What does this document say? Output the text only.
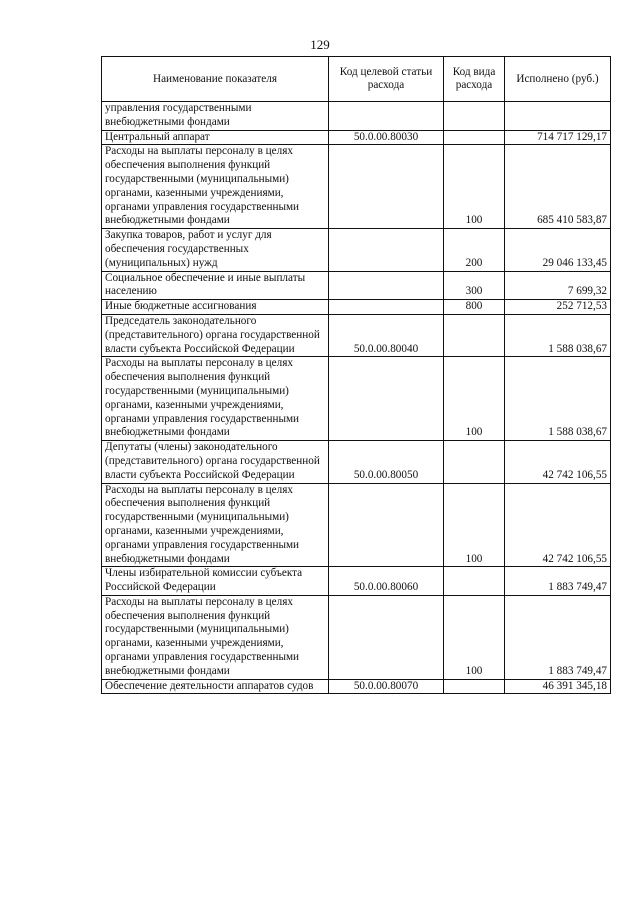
129
Наименование показателя	Код целевой статьи расхода	Код вида расхода	Исполнено (руб.)
управления государственными внебюджетными фондами			
Центральный аппарат	50.0.00.80030		714 717 129,17
Расходы на выплаты персоналу в целях обеспечения выполнения функций государственными (муниципальными) органами, казенными учреждениями, органами управления государственными внебюджетными фондами		100	685 410 583,87
Закупка товаров, работ и услуг для обеспечения государственных (муниципальных) нужд		200	29 046 133,45
Социальное обеспечение и иные выплаты населению		300	7 699,32
Иные бюджетные ассигнования		800	252 712,53
Председатель законодательного (представительного) органа государственной власти субъекта Российской Федерации	50.0.00.80040		1 588 038,67
Расходы на выплаты персоналу в целях обеспечения выполнения функций государственными (муниципальными) органами, казенными учреждениями, органами управления государственными внебюджетными фондами		100	1 588 038,67
Депутаты (члены) законодательного (представительного) органа государственной власти субъекта Российской Федерации	50.0.00.80050		42 742 106,55
Расходы на выплаты персоналу в целях обеспечения выполнения функций государственными (муниципальными) органами, казенными учреждениями, органами управления государственными внебюджетными фондами		100	42 742 106,55
Члены избирательной комиссии субъекта Российской Федерации	50.0.00.80060		1 883 749,47
Расходы на выплаты персоналу в целях обеспечения выполнения функций государственными (муниципальными) органами, казенными учреждениями, органами управления государственными внебюджетными фондами		100	1 883 749,47
Обеспечение деятельности аппаратов судов	50.0.00.80070		46 391 345,18
